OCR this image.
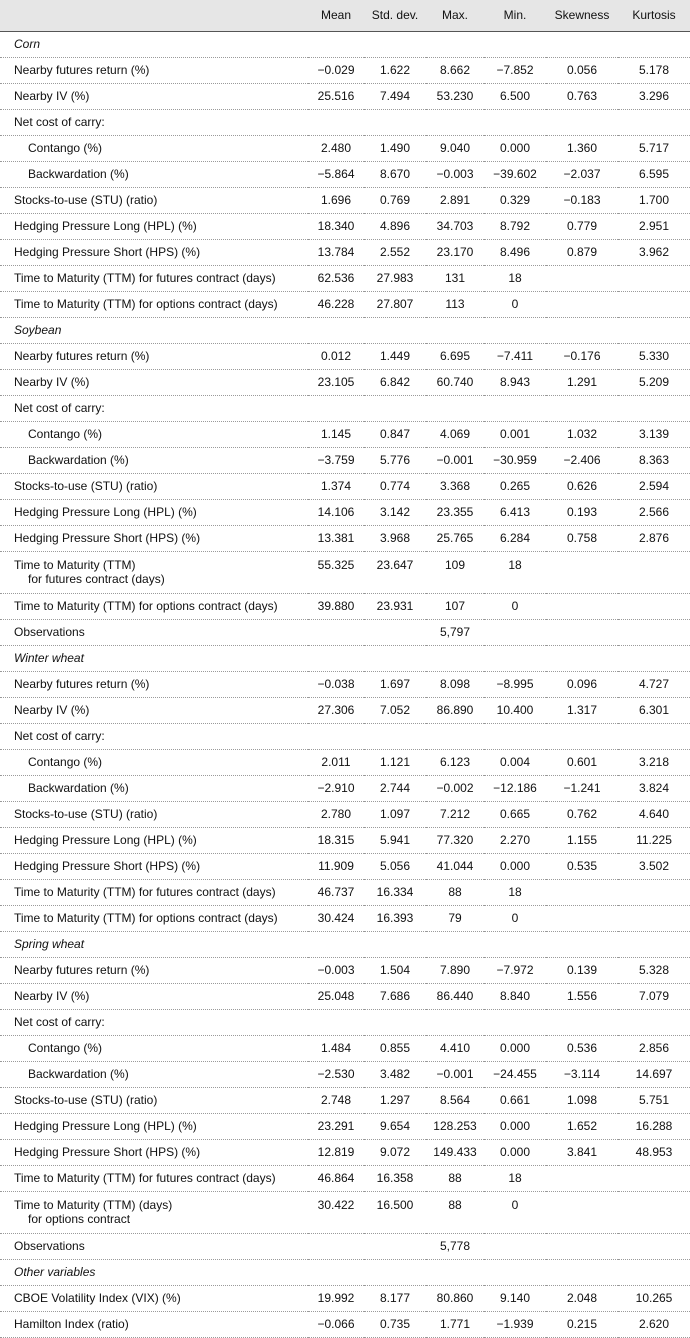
	Mean	Std. dev.	Max.	Min.	Skewness	Kurtosis
Corn						
Nearby futures return (%)	−0.029	1.622	8.662	−7.852	0.056	5.178
Nearby IV (%)	25.516	7.494	53.230	6.500	0.763	3.296
Net cost of carry:						
Contango (%)	2.480	1.490	9.040	0.000	1.360	5.717
Backwardation (%)	−5.864	8.670	−0.003	−39.602	−2.037	6.595
Stocks-to-use (STU) (ratio)	1.696	0.769	2.891	0.329	−0.183	1.700
Hedging Pressure Long (HPL) (%)	18.340	4.896	34.703	8.792	0.779	2.951
Hedging Pressure Short (HPS) (%)	13.784	2.552	23.170	8.496	0.879	3.962
Time to Maturity (TTM) for futures contract (days)	62.536	27.983	131	18		
Time to Maturity (TTM) for options contract (days)	46.228	27.807	113	0		
Soybean						
Nearby futures return (%)	0.012	1.449	6.695	−7.411	−0.176	5.330
Nearby IV (%)	23.105	6.842	60.740	8.943	1.291	5.209
Net cost of carry:						
Contango (%)	1.145	0.847	4.069	0.001	1.032	3.139
Backwardation (%)	−3.759	5.776	−0.001	−30.959	−2.406	8.363
Stocks-to-use (STU) (ratio)	1.374	0.774	3.368	0.265	0.626	2.594
Hedging Pressure Long (HPL) (%)	14.106	3.142	23.355	6.413	0.193	2.566
Hedging Pressure Short (HPS) (%)	13.381	3.968	25.765	6.284	0.758	2.876
Time to Maturity (TTM)

for futures contract (days)	55.325	23.647	109	18		
Time to Maturity (TTM) for options contract (days)	39.880	23.931	107	0		
Observations			5,797			
Winter wheat						
Nearby futures return (%)	−0.038	1.697	8.098	−8.995	0.096	4.727
Nearby IV (%)	27.306	7.052	86.890	10.400	1.317	6.301
Net cost of carry:						
Contango (%)	2.011	1.121	6.123	0.004	0.601	3.218
Backwardation (%)	−2.910	2.744	−0.002	−12.186	−1.241	3.824
Stocks-to-use (STU) (ratio)	2.780	1.097	7.212	0.665	0.762	4.640
Hedging Pressure Long (HPL) (%)	18.315	5.941	77.320	2.270	1.155	11.225
Hedging Pressure Short (HPS) (%)	11.909	5.056	41.044	0.000	0.535	3.502
Time to Maturity (TTM) for futures contract (days)	46.737	16.334	88	18		
Time to Maturity (TTM) for options contract (days)	30.424	16.393	79	0		
Spring wheat						
Nearby futures return (%)	−0.003	1.504	7.890	−7.972	0.139	5.328
Nearby IV (%)	25.048	7.686	86.440	8.840	1.556	7.079
Net cost of carry:						
Contango (%)	1.484	0.855	4.410	0.000	0.536	2.856
Backwardation (%)	−2.530	3.482	−0.001	−24.455	−3.114	14.697
Stocks-to-use (STU) (ratio)	2.748	1.297	8.564	0.661	1.098	5.751
Hedging Pressure Long (HPL) (%)	23.291	9.654	128.253	0.000	1.652	16.288
Hedging Pressure Short (HPS) (%)	12.819	9.072	149.433	0.000	3.841	48.953
Time to Maturity (TTM) for futures contract (days)	46.864	16.358	88	18		
Time to Maturity (TTM) (days)

for options contract	30.422	16.500	88	0		
Observations			5,778			
Other variables						
CBOE Volatility Index (VIX) (%)	19.992	8.177	80.860	9.140	2.048	10.265
Hamilton Index (ratio)	−0.066	0.735	1.771	−1.939	0.215	2.620
